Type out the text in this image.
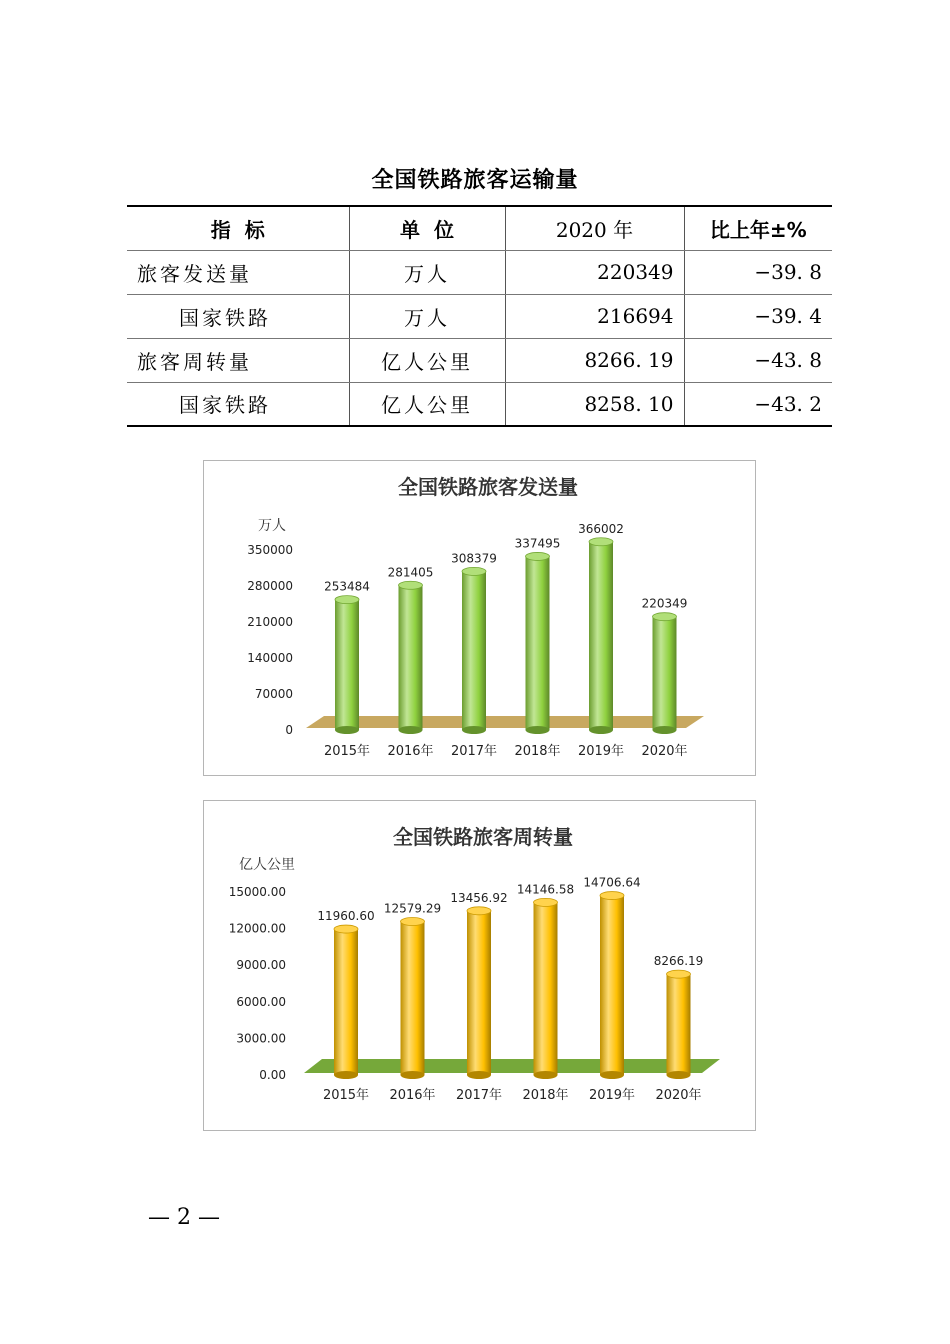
全国铁路旅客运输量
指  标	单  位	2020 年	比上年±%
旅客发送量	万人	220349	−39. 8
国家铁路	万人	216694	−39. 4
旅客周转量	亿人公里	8266. 19	−43. 8
国家铁路	亿人公里	8258. 10	−43. 2
全国铁路旅客发送量
万人
0
70000
140000
210000
280000
350000
253484
2015年
281405
2016年
308379
2017年
337495
2018年
366002
2019年
220349
2020年
全国铁路旅客周转量
亿人公里
0.00
3000.00
6000.00
9000.00
12000.00
15000.00
11960.60
2015年
12579.29
2016年
13456.92
2017年
14146.58
2018年
14706.64
2019年
8266.19
2020年
— 2 —
